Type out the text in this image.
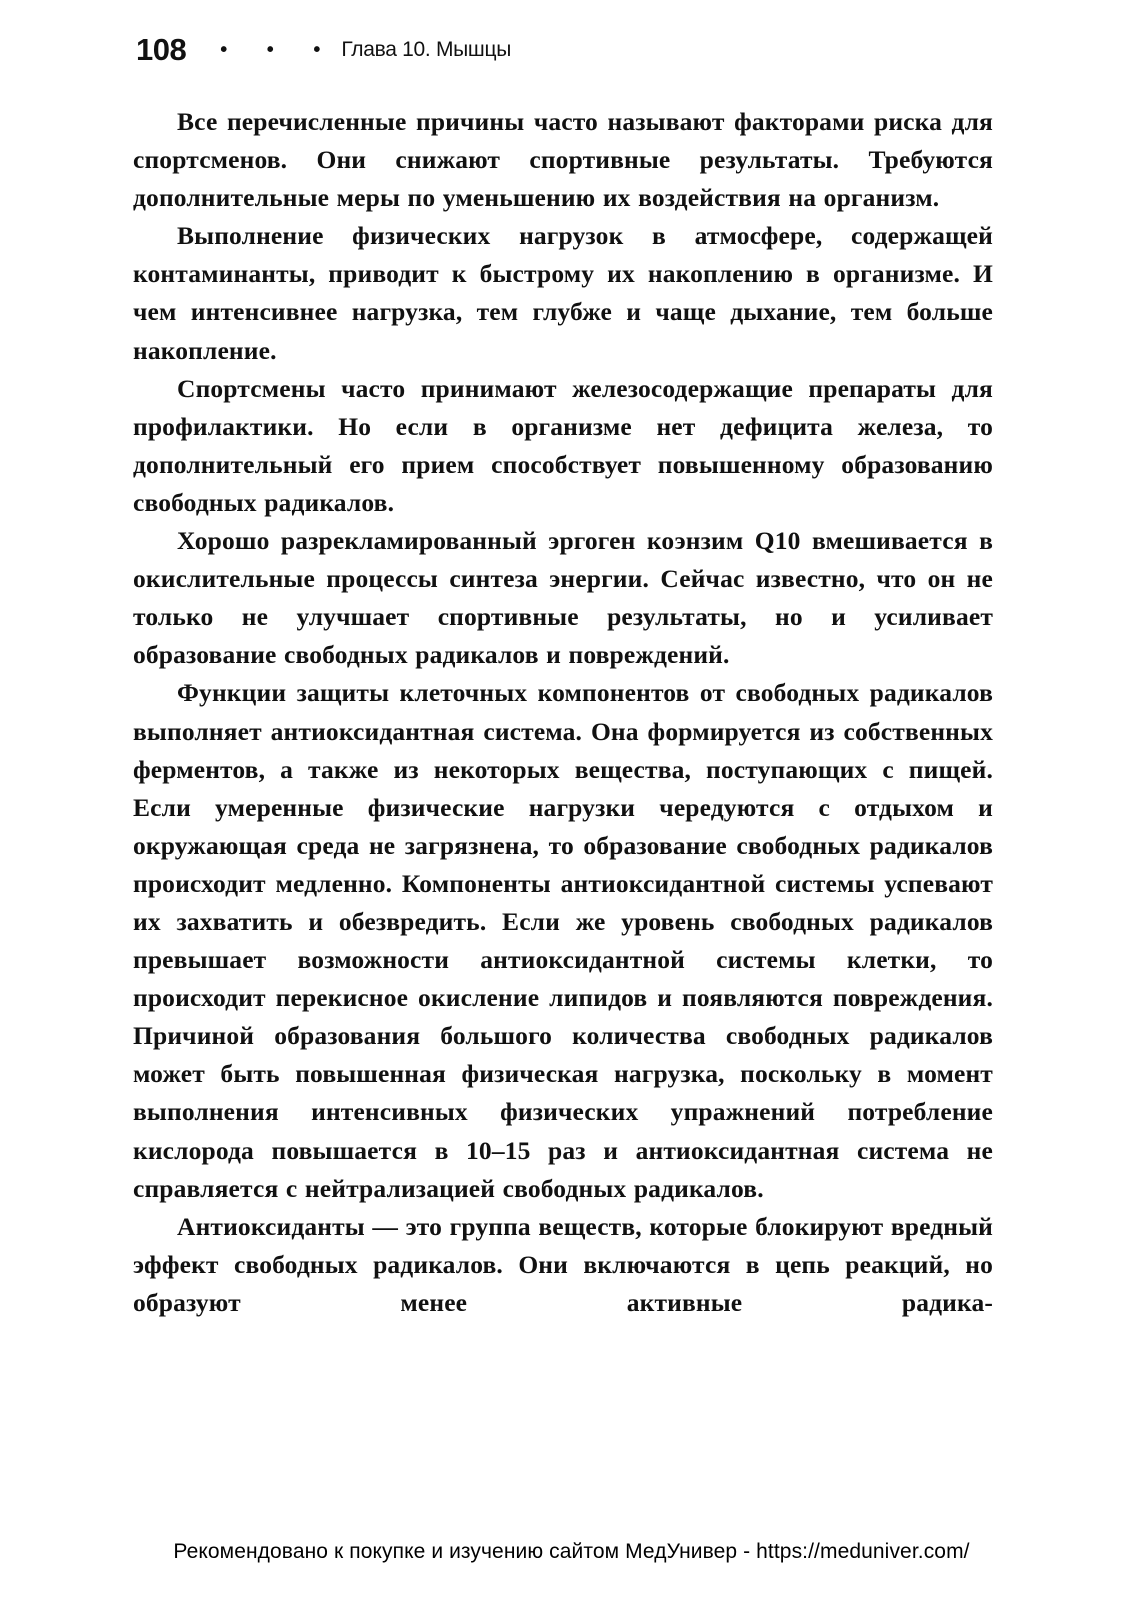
108 • • • Глава 10. Мышцы

Все перечисленные причины часто называют факторами риска для спортсменов. Они снижают спортивные результаты. Требуются дополнительные меры по уменьшению их воздействия на организм.

Выполнение физических нагрузок в атмосфере, содержащей контаминанты, приводит к быстрому их накоплению в организме. И чем интенсивнее нагрузка, тем глубже и чаще дыхание, тем больше накопление.

Спортсмены часто принимают железосодержащие препараты для профилактики. Но если в организме нет дефицита железа, то дополнительный его прием способствует повышенному образованию свободных радикалов.

Хорошо разрекламированный эргоген коэнзим Q10 вмешивается в окислительные процессы синтеза энергии. Сейчас известно, что он не только не улучшает спортивные результаты, но и усиливает образование свободных радикалов и повреждений.

Функции защиты клеточных компонентов от свободных радикалов выполняет антиоксидантная система. Она формируется из собственных ферментов, а также из некоторых вещества, поступающих с пищей. Если умеренные физические нагрузки чередуются с отдыхом и окружающая среда не загрязнена, то образование свободных радикалов происходит медленно. Компоненты антиоксидантной системы успевают их захватить и обезвредить. Если же уровень свободных радикалов превышает возможности антиоксидантной системы клетки, то происходит перекисное окисление липидов и появляются повреждения. Причиной образования большого количества свободных радикалов может быть повышенная физическая нагрузка, поскольку в момент выполнения интенсивных физических упражнений потребление кислорода повышается в 10–15 раз и антиоксидантная система не справляется с нейтрализацией свободных радикалов.

Антиоксиданты — это группа веществ, которые блокируют вредный эффект свободных радикалов. Они включаются в цепь реакций, но образуют менее активные радика-

Рекомендовано к покупке и изучению сайтом МедУнивер - https://meduniver.com/
